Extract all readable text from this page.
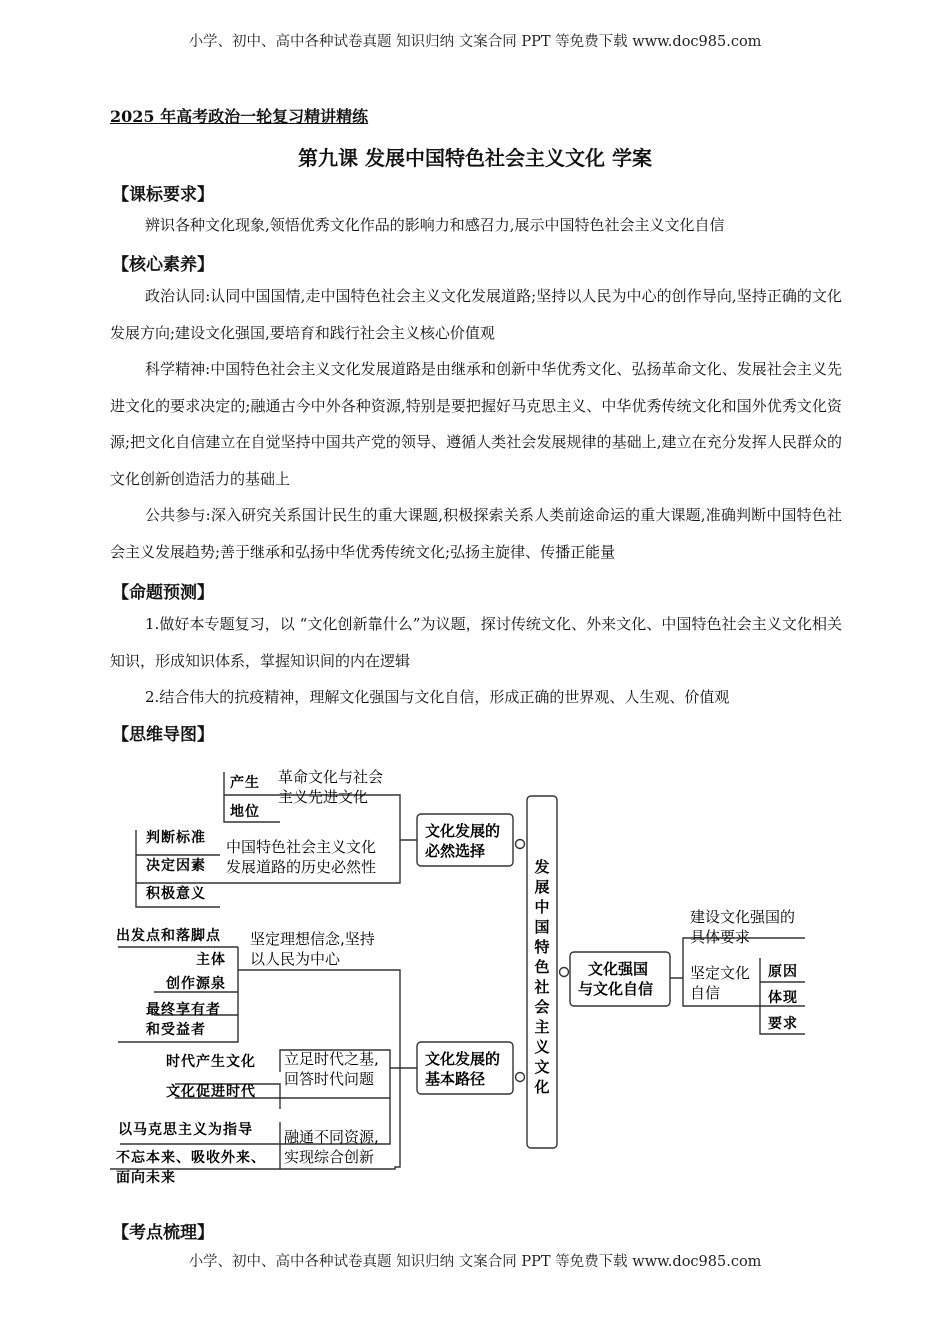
小学、初中、高中各种试卷真题 知识归纳 文案合同 PPT 等免费下载 www.doc985.com
2025 年高考政治一轮复习精讲精练
第九课 发展中国特色社会主义文化 学案
【课标要求】
辨识各种文化现象,领悟优秀文化作品的影响力和感召力,展示中国特色社会主义文化自信
【核心素养】

政治认同:认同中国国情,走中国特色社会主义文化发展道路;坚持以人民为中心的创作导向,坚持正确的文化发展方向;建设文化强国,要培育和践行社会主义核心价值观

科学精神:中国特色社会主义文化发展道路是由继承和创新中华优秀文化、弘扬革命文化、发展社会主义先进文化的要求决定的;融通古今中外各种资源,特别是要把握好马克思主义、中华优秀传统文化和国外优秀文化资源;把文化自信建立在自觉坚持中国共产党的领导、遵循人类社会发展规律的基础上,建立在充分发挥人民群众的文化创新创造活力的基础上

公共参与:深入研究关系国计民生的重大课题,积极探索关系人类前途命运的重大课题,准确判断中国特色社会主义发展趋势;善于继承和弘扬中华优秀传统文化;弘扬主旋律、传播正能量

【命题预测】

1.做好本专题复习，以 “文化创新靠什么”为议题，探讨传统文化、外来文化、中国特色社会主义文化相关知识，形成知识体系，掌握知识间的内在逻辑

2.结合伟大的抗疫精神，理解文化强国与文化自信，形成正确的世界观、人生观、价值观

【思维导图】
产生
地位
革命文化与社会
主义先进文化
中国特色社会主义文化
发展道路的历史必然性
判断标准
决定因素
积极意义
文化发展的
必然选择
发
展
中
国
特
色
社
会
主
义
文
化
文化发展的
基本路径
坚定理想信念,坚持
以人民为中心
出发点和落脚点
主体
创作源泉
最终享有者
和受益者
立足时代之基,
回答时代问题
时代产生文化
文化促进时代
融通不同资源,
实现综合创新
以马克思主义为指导
不忘本来、吸收外来、
面向未来
文化强国
与文化自信
建设文化强国的
具体要求
坚定文化
自信
原因
体现
要求
【考点梳理】
小学、初中、高中各种试卷真题 知识归纳 文案合同 PPT 等免费下载 www.doc985.com
